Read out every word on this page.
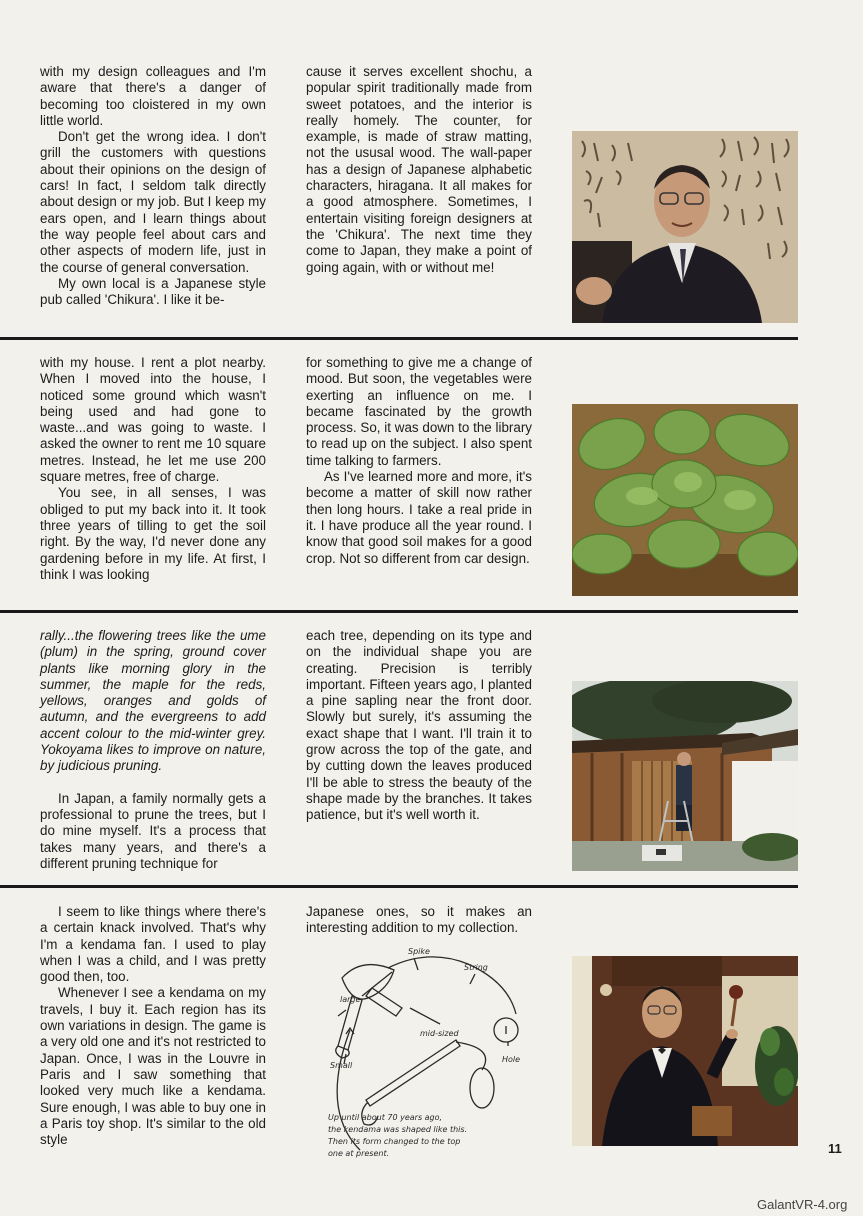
with my design colleagues and I'm aware that there's a danger of becoming too cloistered in my own little world.

Don't get the wrong idea. I don't grill the customers with questions about their opinions on the design of cars! In fact, I seldom talk directly about design or my job. But I keep my ears open, and I learn things about the way people feel about cars and other aspects of modern life, just in the course of general conversation.

My own local is a Japanese style pub called 'Chikura'. I like it be-

cause it serves excellent shochu, a popular spirit traditionally made from sweet potatoes, and the interior is really homely. The counter, for example, is made of straw matting, not the ususal wood. The wall-paper has a design of Japanese alphabetic characters, hiragana. It all makes for a good atmosphere. Sometimes, I entertain visiting foreign designers at the 'Chikura'. The next time they come to Japan, they make a point of going again, with or without me!

with my house. I rent a plot nearby. When I moved into the house, I noticed some ground which wasn't being used and had gone to waste...and was going to waste. I asked the owner to rent me 10 square metres. Instead, he let me use 200 square metres, free of charge.

You see, in all senses, I was obliged to put my back into it. It took three years of tilling to get the soil right. By the way, I'd never done any gardening before in my life. At first, I think I was looking

for something to give me a change of mood. But soon, the vegetables were exerting an influence on me. I became fascinated by the growth process. So, it was down to the library to read up on the subject. I also spent time talking to farmers.

As I've learned more and more, it's become a matter of skill now rather then long hours. I take a real pride in it. I have produce all the year round. I know that good soil makes for a good crop. Not so different from car design.

rally...the flowering trees like the ume (plum) in the spring, ground cover plants like morning glory in the summer, the maple for the reds, yellows, oranges and golds of autumn, and the evergreens to add accent colour to the mid-winter grey. Yokoyama likes to improve on nature, by judicious pruning.

In Japan, a family normally gets a professional to prune the trees, but I do mine myself. It's a process that takes many years, and there's a different pruning technique for

each tree, depending on its type and on the individual shape you are creating. Precision is terribly important. Fifteen years ago, I planted a pine sapling near the front door. Slowly but surely, it's assuming the exact shape that I want. I'll train it to grow across the top of the gate, and by cutting down the leaves produced I'll be able to stress the beauty of the shape made by the branches. It takes patience, but it's well worth it.

I seem to like things where there's a certain knack involved. That's why I'm a kendama fan. I used to play when I was a child, and I was pretty good then, too.

Whenever I see a kendama on my travels, I buy it. Each region has its own variations in design. The game is a very old one and it's not restricted to Japan. Once, I was in the Louvre in Paris and I saw something that looked very much like a kendama. Sure enough, I was able to buy one in a Paris toy shop. It's similar to the old style

Japanese ones, so it makes an interesting addition to my collection.

Spike
String
large
mid-sized
Small
Hole
Up until about 70 years ago,
the kendama was shaped like this.
Then its form changed to the top
one at present.	11
GalantVR-4.org
